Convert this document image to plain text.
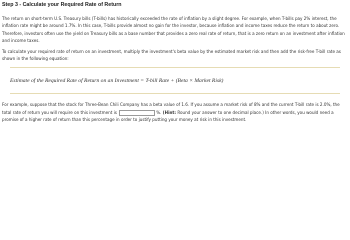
Step 3 - Calculate your Required Rate of Return

The return on short-term U.S. Treasury bills (T-bills) has historically exceeded the rate of inflation by a slight degree. For example, when T-bills pay 2% interest, the inflation rate might be around 1.7%. In this case, T-bills provide almost no gain for the investor, because inflation and income taxes reduce the return to about zero. Therefore, investors often use the yield on Treasury bills as a base number that provides a zero real rate of return, that is a zero return on an investment after inflation and income taxes.

To calculate your required rate of return on an investment, multiply the investment's beta value by the estimated market risk and then add the risk-free T-bill rate as shown in the following equation:

Estimate of the Required Rate of Return on an Investment = T-bill Rate + (Beta × Market Risk)

For example, suppose that the stock for Three-Bean Chili Company has a beta value of 1.6. If you assume a market risk of 8% and the current T-bill rate is 2.0%, the total rate of return you will require on this investment is	%. (Hint: Round your answer to one decimal place.) In other words, you would need a promise of a higher rate of return than this percentage in order to justify putting your money at risk in this investment.
